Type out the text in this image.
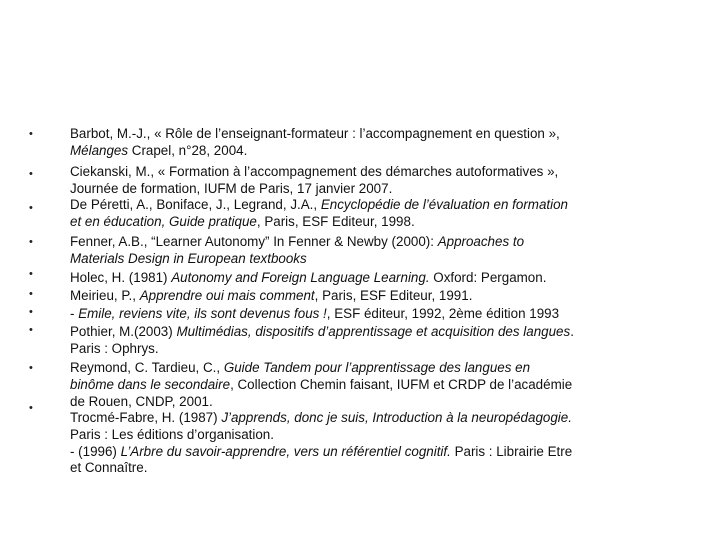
•	Barbot, M.-J., « Rôle de l’enseignant-formateur : l’accompagnement en question »,
Mélanges Crapel, n°28, 2004.
•	Ciekanski, M., « Formation à l’accompagnement des démarches autoformatives »,
Journée de formation, IUFM de Paris, 17 janvier 2007.
•	De Péretti, A., Boniface, J., Legrand, J.A., Encyclopédie de l’évaluation en formation
et en éducation, Guide pratique, Paris, ESF Editeur, 1998.
•	Fenner, A.B., “Learner Autonomy” In Fenner & Newby (2000): Approaches to
Materials Design in European textbooks
•	Holec, H. (1981) Autonomy and Foreign Language Learning. Oxford: Pergamon.
•	Meirieu, P., Apprendre oui mais comment, Paris, ESF Editeur, 1991.
•	- Emile, reviens vite, ils sont devenus fous !, ESF éditeur, 1992, 2ème édition 1993
•	Pothier, M.(2003) Multimédias, dispositifs d’apprentissage et acquisition des langues.
Paris : Ophrys.
•	Reymond, C. Tardieu, C., Guide Tandem pour l’apprentissage des langues en
binôme dans le secondaire, Collection Chemin faisant, IUFM et CRDP de l’académie
de Rouen, CNDP, 2001.
•
Trocmé-Fabre, H. (1987) J’apprends, donc je suis, Introduction à la neuropédagogie.
Paris : Les éditions d’organisation.
- (1996) L’Arbre du savoir-apprendre, vers un référentiel cognitif. Paris : Librairie Etre
et Connaître.
